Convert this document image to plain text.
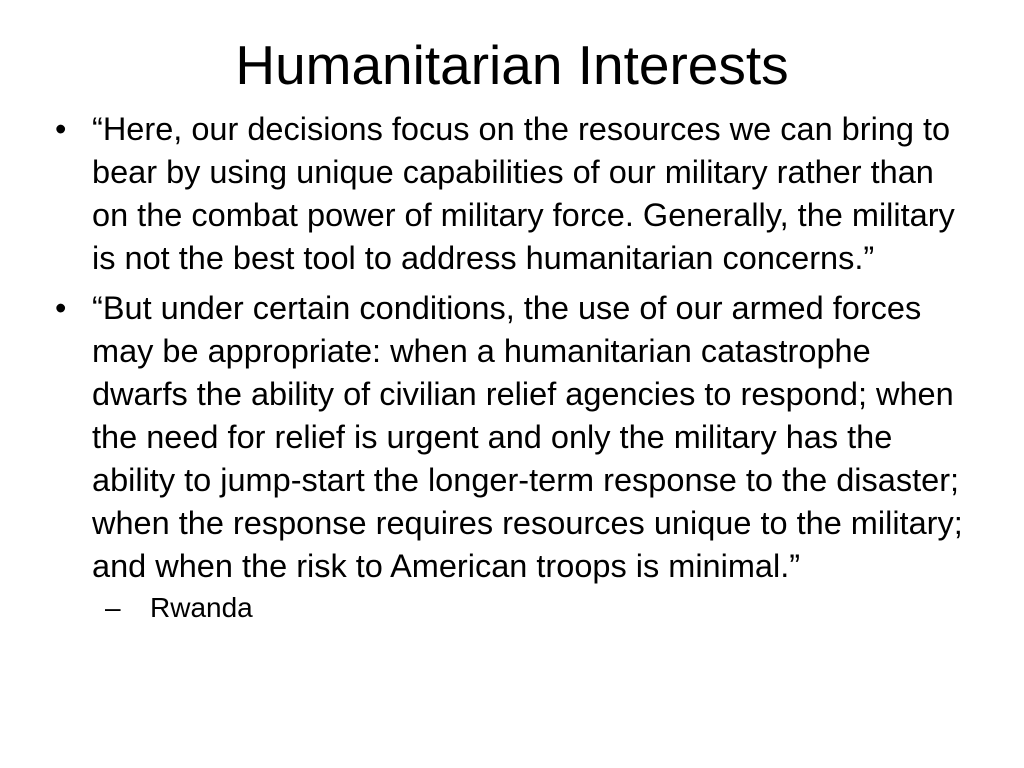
Humanitarian Interests
• “Here, our decisions focus on the resources we can bring to bear by using unique capabilities of our military rather than on the combat power of military force. Generally, the military is not the best tool to address humanitarian concerns.”
• “But under certain conditions, the use of our armed forces may be appropriate: when a humanitarian catastrophe dwarfs the ability of civilian relief agencies to respond; when the need for relief is urgent and only the military has the ability to jump-start the longer-term response to the disaster; when the response requires resources unique to the military; and when the risk to American troops is minimal.”
– Rwanda
